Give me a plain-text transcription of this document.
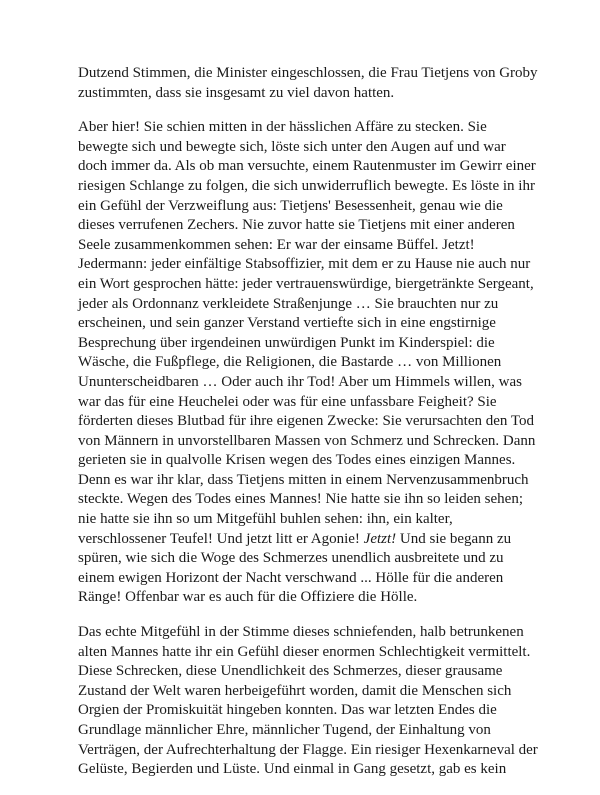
Dutzend Stimmen, die Minister eingeschlossen, die Frau Tietjens von Groby zustimmten, dass sie insgesamt zu viel davon hatten.

Aber hier! Sie schien mitten in der hässlichen Affäre zu stecken. Sie bewegte sich und bewegte sich, löste sich unter den Augen auf und war doch immer da. Als ob man versuchte, einem Rautenmuster im Gewirr einer riesigen Schlange zu folgen, die sich unwiderruflich bewegte. Es löste in ihr ein Gefühl der Verzweiflung aus: Tietjens' Besessenheit, genau wie die dieses verrufenen Zechers. Nie zuvor hatte sie Tietjens mit einer anderen Seele zusammenkommen sehen: Er war der einsame Büffel. Jetzt! Jedermann: jeder einfältige Stabsoffizier, mit dem er zu Hause nie auch nur ein Wort gesprochen hätte: jeder vertrauenswürdige, biergetränkte Sergeant, jeder als Ordonnanz verkleidete Straßenjunge … Sie brauchten nur zu erscheinen, und sein ganzer Verstand vertiefte sich in eine engstirnige Besprechung über irgendeinen unwürdigen Punkt im Kinderspiel: die Wäsche, die Fußpflege, die Religionen, die Bastarde … von Millionen Ununterscheidbaren … Oder auch ihr Tod! Aber um Himmels willen, was war das für eine Heuchelei oder was für eine unfassbare Feigheit? Sie förderten dieses Blutbad für ihre eigenen Zwecke: Sie verursachten den Tod von Männern in unvorstellbaren Massen von Schmerz und Schrecken. Dann gerieten sie in qualvolle Krisen wegen des Todes eines einzigen Mannes. Denn es war ihr klar, dass Tietjens mitten in einem Nervenzusammenbruch steckte. Wegen des Todes eines Mannes! Nie hatte sie ihn so leiden sehen; nie hatte sie ihn so um Mitgefühl buhlen sehen: ihn, ein kalter, verschlossener Teufel! Und jetzt litt er Agonie! Jetzt! Und sie begann zu spüren, wie sich die Woge des Schmerzes unendlich ausbreitete und zu einem ewigen Horizont der Nacht verschwand ... Hölle für die anderen Ränge! Offenbar war es auch für die Offiziere die Hölle.

Das echte Mitgefühl in der Stimme dieses schniefenden, halb betrunkenen alten Mannes hatte ihr ein Gefühl dieser enormen Schlechtigkeit vermittelt. Diese Schrecken, diese Unendlichkeit des Schmerzes, dieser grausame Zustand der Welt waren herbeigeführt worden, damit die Menschen sich Orgien der Promiskuität hingeben konnten. Das war letzten Endes die Grundlage männlicher Ehre, männlicher Tugend, der Einhaltung von Verträgen, der Aufrechterhaltung der Flagge. Ein riesiger Hexenkarneval der Gelüste, Begierden und Lüste. Und einmal in Gang gesetzt, gab es kein
